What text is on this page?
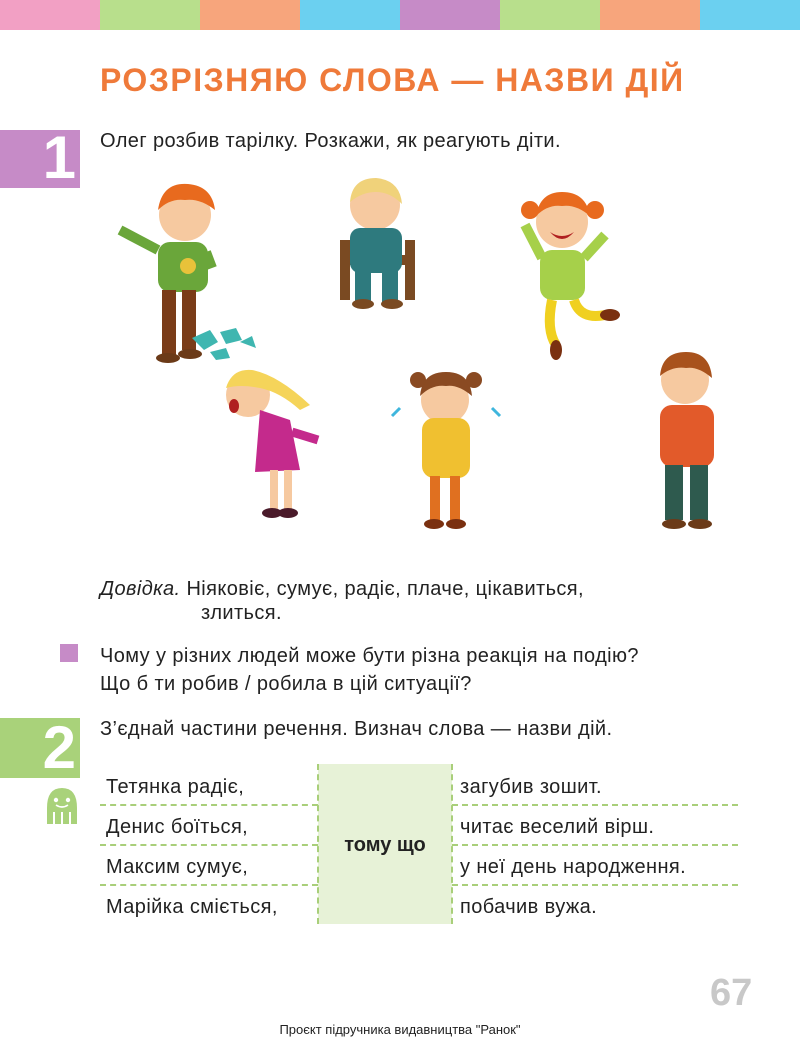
РОЗРІЗНЯЮ СЛОВА — НАЗВИ ДІЙ
1 Олег розбив тарілку. Розкажи, як реагують діти.
Довідка. Ніяковіє, сумує, радіє, плаче, цікавиться,
злиться.
Чому у різних людей може бути різна реакція на подію?
Що б ти робив / робила в цій ситуації?
2 З’єднай частини речення. Визнач слова — назви дій.
тому що
Тетянка радіє,
Денис боїться,
Максим сумує,
Марійка сміється,
загубив зошит.
читає веселий вірш.
у неї день народження.
побачив вужа.
67
Проєкт підручника видавництва "Ранок"
